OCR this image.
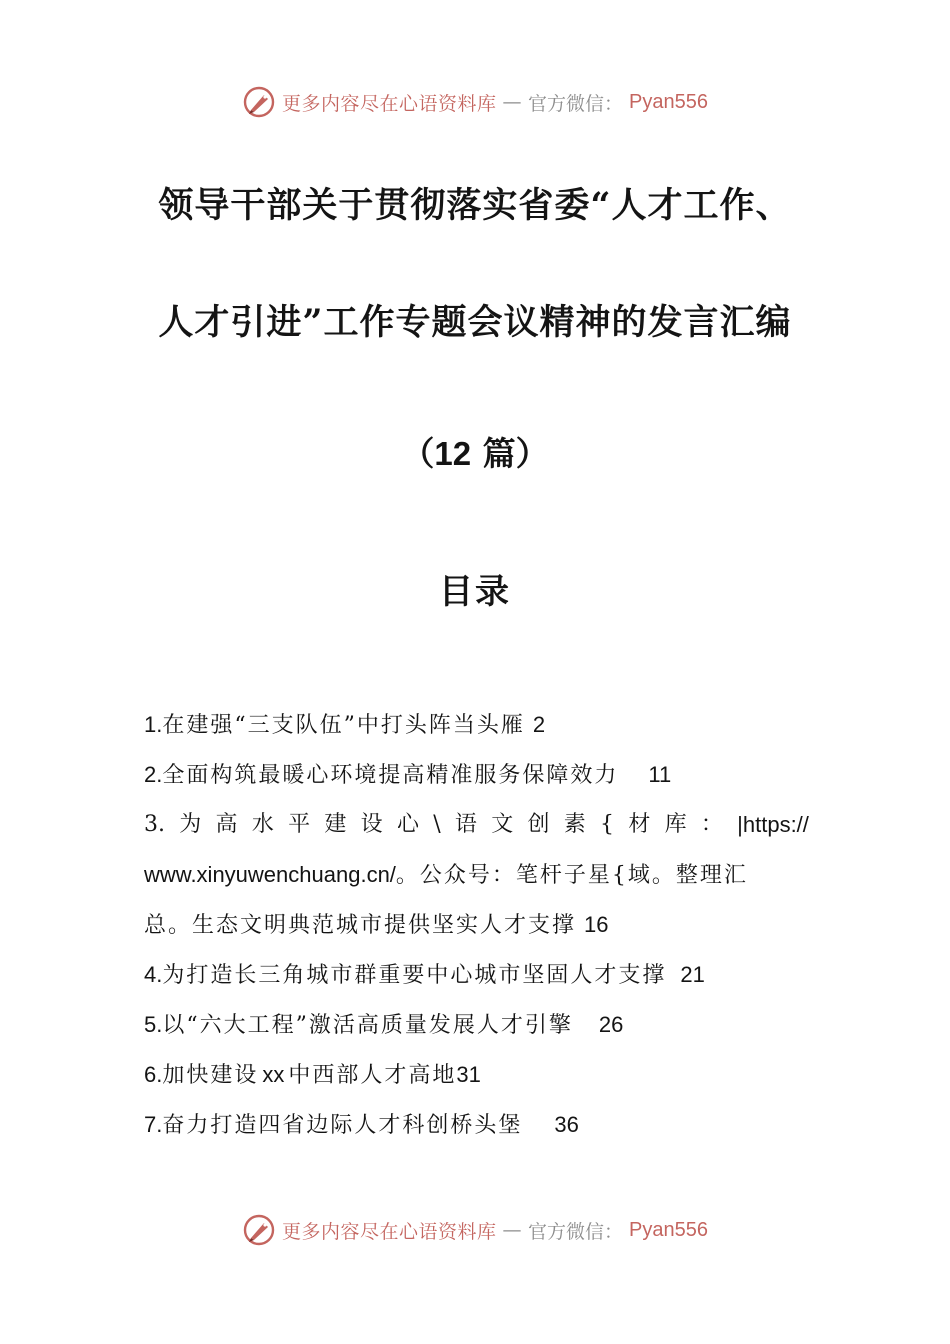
更多内容尽在心语资料库 — 官方微信： Pyan556
领导干部关于贯彻落实省委“人才工作、
人才引进”工作专题会议精神的发言汇编
（12 篇）
目录
1.在建强“三支队伍”中打头阵当头雁 2
2.全面构筑最暖心环境提高精准服务保障效力 11
3. 为 高 水 平 建 设 心 \ 语 文 创 素 { 材 库 ： |https://
www.xinyuwenchuang.cn/。公众号：笔杆子星{域。整理汇
总。生态文明典范城市提供坚实人才支撑 16
4.为打造长三角城市群重要中心城市坚固人才支撑 21
5.以“六大工程”激活高质量发展人才引擎 26
6.加快建设 xx 中西部人才高地31
7.奋力打造四省边际人才科创桥头堡 36
更多内容尽在心语资料库 — 官方微信： Pyan556
